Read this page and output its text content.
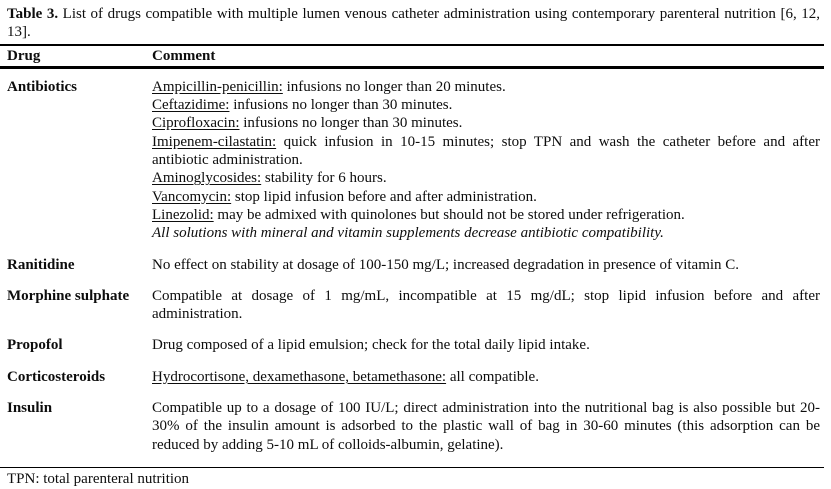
Table 3. List of drugs compatible with multiple lumen venous catheter administration using contemporary parenteral nutrition [6, 12, 13].

Drug	Comment
Antibiotics	Ampicillin-penicillin: infusions no longer than 20 minutes.

Ceftazidime: infusions no longer than 30 minutes.

Ciprofloxacin: infusions no longer than 30 minutes.

Imipenem-cilastatin: quick infusion in 10-15 minutes; stop TPN and wash the catheter before and after antibiotic administration.

Aminoglycosides: stability for 6 hours.

Vancomycin: stop lipid infusion before and after administration.

Linezolid: may be admixed with quinolones but should not be stored under refrigeration.

All solutions with mineral and vitamin supplements decrease antibiotic compatibility.

Ranitidine	No effect on stability at dosage of 100-150 mg/L; increased degradation in presence of vitamin C.

Morphine sulphate	Compatible at dosage of 1 mg/mL, incompatible at 15 mg/dL; stop lipid infusion before and after administration.

Propofol	Drug composed of a lipid emulsion; check for the total daily lipid intake.

Corticosteroids	Hydrocortisone, dexamethasone, betamethasone: all compatible.

Insulin	Compatible up to a dosage of 100 IU/L; direct administration into the nutritional bag is also possible but 20-30% of the insulin amount is adsorbed to the plastic wall of bag in 30-60 minutes (this adsorption can be reduced by adding 5-10 mL of colloids-albumin, gelatine).

TPN: total parenteral nutrition
